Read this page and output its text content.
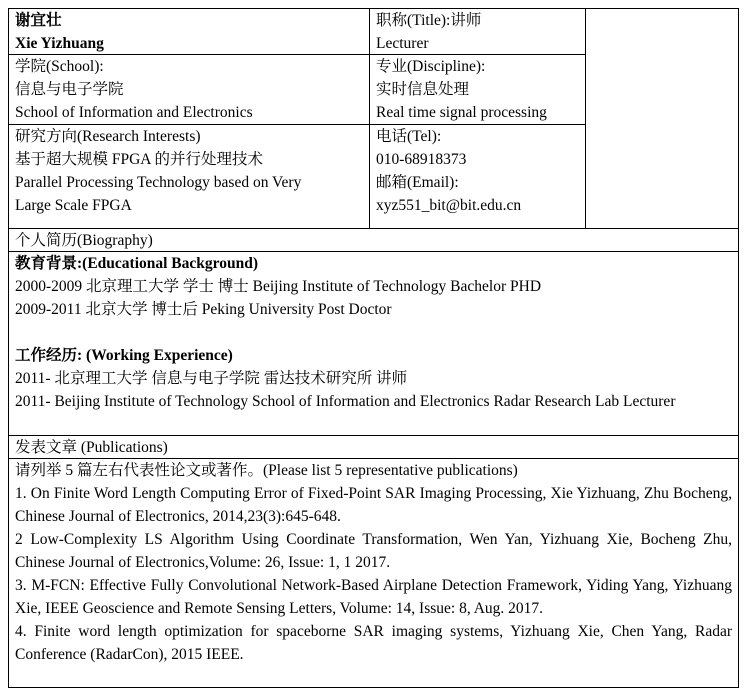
谢宜壮
Xie Yizhuang
职称(Title):讲师
Lecturer
学院(School):
信息与电子学院
School of Information and Electronics
专业(Discipline):
实时信息处理
Real time signal processing
研究方向(Research Interests)
基于超大规模 FPGA 的并行处理技术
Parallel Processing Technology based on Very
Large Scale FPGA
电话(Tel):
010-68918373
邮箱(Email):
xyz551_bit@bit.edu.cn
个人简历(Biography)
教育背景:(Educational Background)
2000-2009 北京理工大学 学士 博士 Beijing Institute of Technology Bachelor PHD
2009-2011 北京大学 博士后 Peking University Post Doctor
工作经历: (Working Experience)
2011- 北京理工大学 信息与电子学院 雷达技术研究所 讲师
2011- Beijing Institute of Technology School of Information and Electronics Radar Research Lab Lecturer
发表文章 (Publications)
请列举 5 篇左右代表性论文或著作。(Please list 5 representative publications)
1. On Finite Word Length Computing Error of Fixed-Point SAR Imaging Processing, Xie Yizhuang, Zhu Bocheng, Chinese Journal of Electronics, 2014,23(3):645-648.
2 Low-Complexity LS Algorithm Using Coordinate Transformation, Wen Yan, Yizhuang Xie, Bocheng Zhu, Chinese Journal of Electronics,Volume: 26, Issue: 1, 1 2017.
3. M-FCN: Effective Fully Convolutional Network-Based Airplane Detection Framework, Yiding Yang, Yizhuang Xie, IEEE Geoscience and Remote Sensing Letters, Volume: 14, Issue: 8, Aug. 2017.
4. Finite word length optimization for spaceborne SAR imaging systems, Yizhuang Xie, Chen Yang, Radar Conference (RadarCon), 2015 IEEE.
